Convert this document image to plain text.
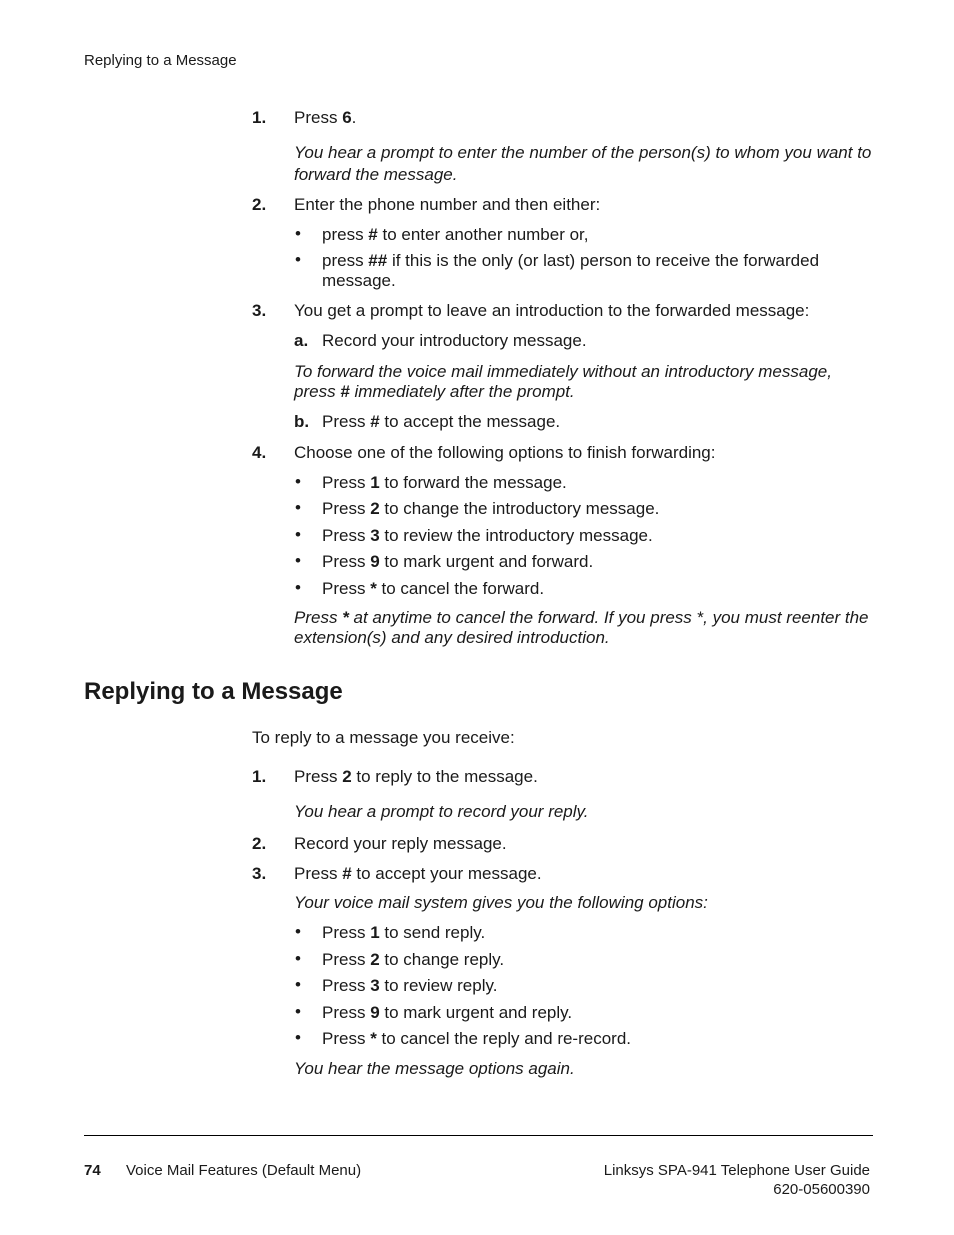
Replying to a Message
1. Press 6.
You hear a prompt to enter the number of the person(s) to whom you want to
forward the message.
2. Enter the phone number and then either:
• press # to enter another number or,
• press ## if this is the only (or last) person to receive the forwarded
message.
3. You get a prompt to leave an introduction to the forwarded message:
a. Record your introductory message.
To forward the voice mail immediately without an introductory message,
press # immediately after the prompt.
b. Press # to accept the message.
4. Choose one of the following options to finish forwarding:
• Press 1 to forward the message.
• Press 2 to change the introductory message.
• Press 3 to review the introductory message.
• Press 9 to mark urgent and forward.
• Press * to cancel the forward.
Press * at anytime to cancel the forward. If you press *, you must reenter the
extension(s) and any desired introduction.
Replying to a Message
To reply to a message you receive:
1. Press 2 to reply to the message.
You hear a prompt to record your reply.
2. Record your reply message.
3. Press # to accept your message.
Your voice mail system gives you the following options:
• Press 1 to send reply.
• Press 2 to change reply.
• Press 3 to review reply.
• Press 9 to mark urgent and reply.
• Press * to cancel the reply and re-record.
You hear the message options again.
74 Voice Mail Features (Default Menu)	Linksys SPA-941 Telephone User Guide
620-05600390
